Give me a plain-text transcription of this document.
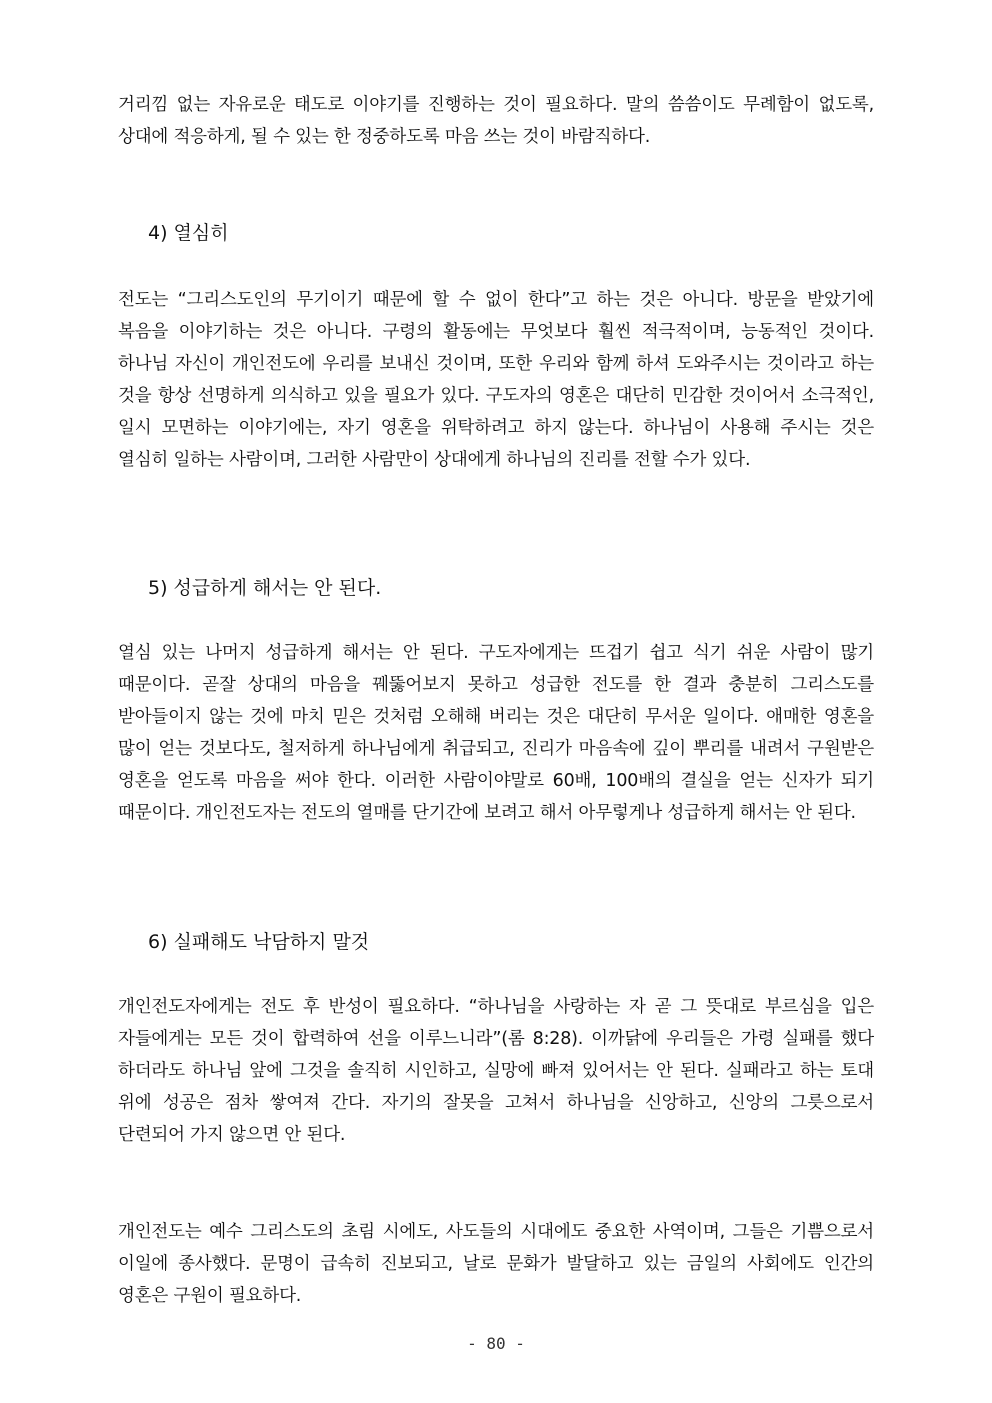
거리낌 없는 자유로운 태도로 이야기를 진행하는 것이 필요하다. 말의 씀씀이도 무례함이 없도록, 상대에 적응하게, 될 수 있는 한 정중하도록 마음 쓰는 것이 바람직하다.

4) 열심히

전도는 “그리스도인의 무기이기 때문에 할 수 없이 한다”고 하는 것은 아니다. 방문을 받았기에 복음을 이야기하는 것은 아니다. 구령의 활동에는 무엇보다 훨씬 적극적이며, 능동적인 것이다. 하나님 자신이 개인전도에 우리를 보내신 것이며, 또한 우리와 함께 하셔 도와주시는 것이라고 하는 것을 항상 선명하게 의식하고 있을 필요가 있다. 구도자의 영혼은 대단히 민감한 것이어서 소극적인, 일시 모면하는 이야기에는, 자기 영혼을 위탁하려고 하지 않는다. 하나님이 사용해 주시는 것은 열심히 일하는 사람이며, 그러한 사람만이 상대에게 하나님의 진리를 전할 수가 있다.

5) 성급하게 해서는 안 된다.

열심 있는 나머지 성급하게 해서는 안 된다. 구도자에게는 뜨겁기 쉽고 식기 쉬운 사람이 많기 때문이다. 곧잘 상대의 마음을 꿰뚫어보지 못하고 성급한 전도를 한 결과 충분히 그리스도를 받아들이지 않는 것에 마치 믿은 것처럼 오해해 버리는 것은 대단히 무서운 일이다. 애매한 영혼을 많이 얻는 것보다도, 철저하게 하나님에게 취급되고, 진리가 마음속에 깊이 뿌리를 내려서 구원받은 영혼을 얻도록 마음을 써야 한다. 이러한 사람이야말로 60배, 100배의 결실을 얻는 신자가 되기 때문이다. 개인전도자는 전도의 열매를 단기간에 보려고 해서 아무렇게나 성급하게 해서는 안 된다.

6) 실패해도 낙담하지 말것

개인전도자에게는 전도 후 반성이 필요하다. “하나님을 사랑하는 자 곧 그 뜻대로 부르심을 입은 자들에게는 모든 것이 합력하여 선을 이루느니라”(롬 8:28). 이까닭에 우리들은 가령 실패를 했다 하더라도 하나님 앞에 그것을 솔직히 시인하고, 실망에 빠져 있어서는 안 된다. 실패라고 하는 토대 위에 성공은 점차 쌓여져 간다. 자기의 잘못을 고쳐서 하나님을 신앙하고, 신앙의 그릇으로서 단련되어 가지 않으면 안 된다.

개인전도는 예수 그리스도의 초림 시에도, 사도들의 시대에도 중요한 사역이며, 그들은 기쁨으로서 이일에 종사했다. 문명이 급속히 진보되고, 날로 문화가 발달하고 있는 금일의 사회에도 인간의 영혼은 구원이 필요하다.

- 80 -
